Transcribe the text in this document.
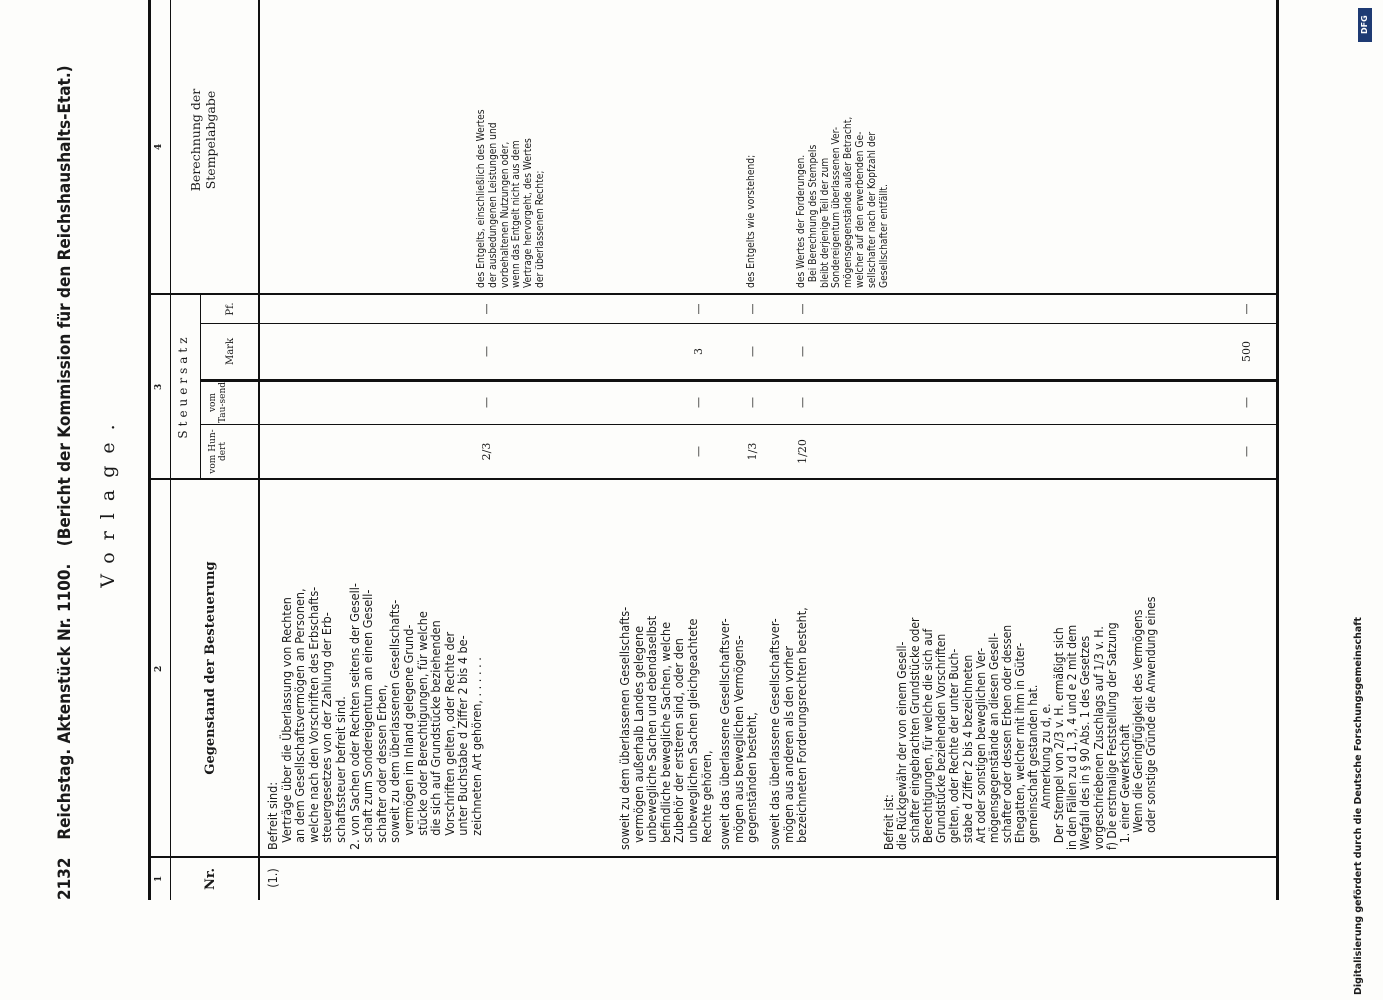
2132 Reichstag. Aktenstück Nr. 1100. (Bericht der Kommission für den Reichshaushalts-Etat.) Vorlage.
1
2
3
4
Nr.
Gegenstand der Besteuerung
Steuersatz
vom Hun-dert
vom Tau-send
Mark
Pf.
Berechnung der Stempelabgabe
(1.)
Befreit sind:
Verträge über die Überlassung von Rechten
an dem Gesellschaftsvermögen an Personen,
welche nach den Vorschriften des Erbschafts-
steuergesetzes von der Zahlung der Erb-
schaftssteuer befreit sind.
2. von Sachen oder Rechten seitens der Gesell-
schaft zum Sondereigentum an einen Gesell-
schafter oder dessen Erben,
soweit zu dem überlassenen Gesellschafts-
vermögen im Inland gelegene Grund-
stücke oder Berechtigungen, für welche
die sich auf Grundstücke beziehenden
Vorschriften gelten, oder Rechte der
unter Buchstabe d Ziffer 2 bis 4 be-
zeichneten Art gehören, . . . . . .
2/3
—
—
—
des Entgelts, einschließlich des Wertes
der ausbedungenen Leistungen und
vorbehaltenen Nutzungen oder,
wenn das Entgelt nicht aus dem
Vertrage hervorgeht, des Wertes
der überlassenen Rechte;
soweit zu dem überlassenen Gesellschafts-
vermögen außerhalb Landes gelegene
unbewegliche Sachen und ebendaselbst
befindliche bewegliche Sachen, welche
Zubehör der ersteren sind, oder den
unbeweglichen Sachen gleichgeachtete
Rechte gehören,
—
—
3
—
soweit das überlassene Gesellschaftsver-
mögen aus beweglichen Vermögens-
gegenständen besteht,
1/3
—
—
—
des Entgelts wie vorstehend;
soweit das überlassene Gesellschaftsver-
mögen aus anderen als den vorher
bezeichneten Forderungsrechten besteht,
1/20
—
—
—
des Wertes der Forderungen.
Bei Berechnung des Stempels
bleibt derjenige Teil der zum
Sondereigentum überlassenen Ver-
mögensgegenstände außer Betracht,
welcher auf den erwerbenden Ge-
sellschafter nach der Kopfzahl der
Gesellschafter entfällt.
Befreit ist:
die Rückgewähr der von einem Gesell-
schafter eingebrachten Grundstücke oder
Berechtigungen, für welche die sich auf
Grundstücke beziehenden Vorschriften
gelten, oder Rechte der unter Buch-
stabe d Ziffer 2 bis 4 bezeichneten
Art oder sonstigen beweglichen Ver-
mögensgegenstände an diesen Gesell-
schafter oder dessen Erben oder dessen
Ehegatten, welcher mit ihm in Güter-
gemeinschaft gestanden hat.
Anmerkung zu d, e.
Der Stempel von 2/3 v. H. ermäßigt sich
in den Fällen zu d 1, 3, 4 und e 2 mit dem
Wegfall des in § 90 Abs. 1 des Gesetzes
vorgeschriebenen Zuschlags auf 1/3 v. H.
f) Die erstmalige Feststellung der Satzung
1. einer Gewerkschaft
Wenn die Geringfügigkeit des Vermögens
oder sonstige Gründe die Anwendung eines
—
—
500
—
DFG
Digitalisierung gefördert durch die Deutsche Forschungsgemeinschaft
